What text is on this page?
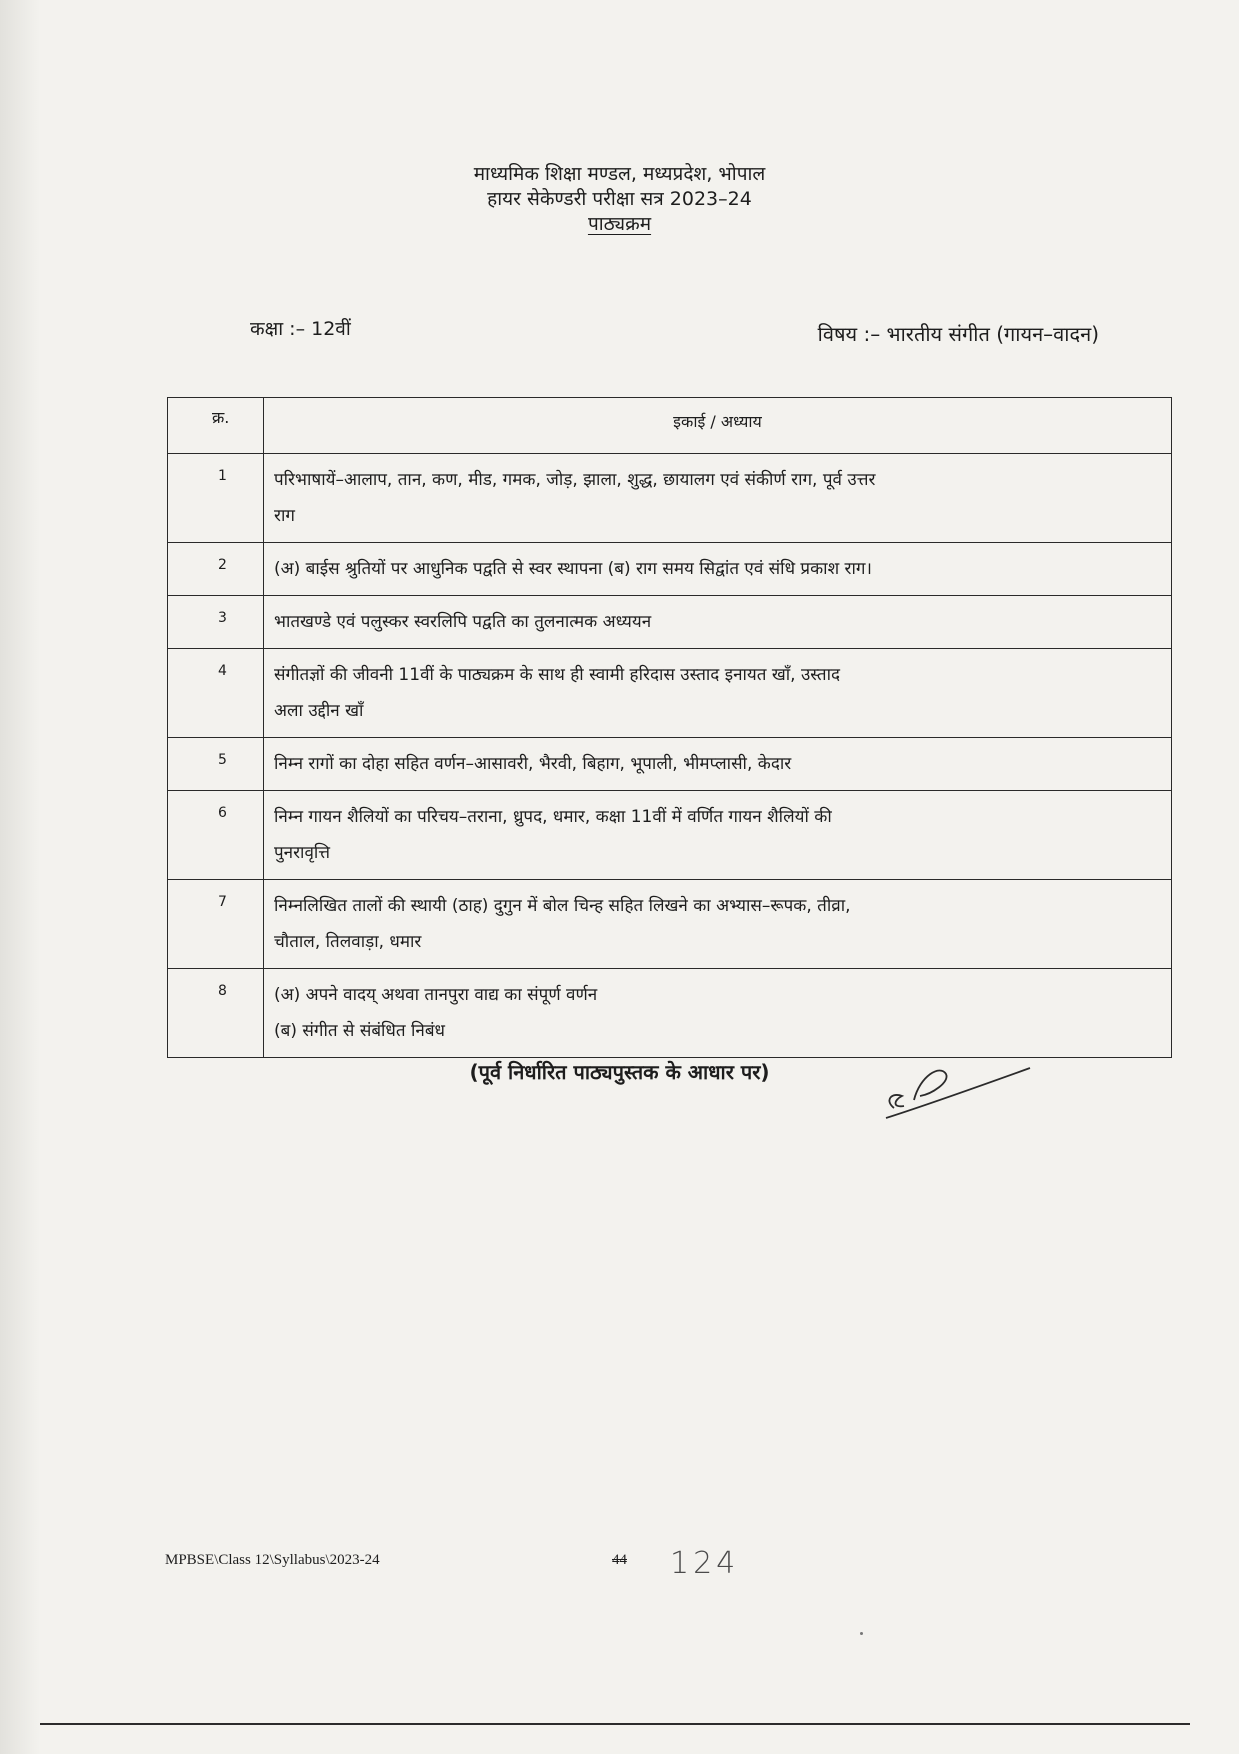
माध्यमिक शिक्षा मण्डल, मध्यप्रदेश, भोपाल
हायर सेकेण्डरी परीक्षा सत्र 2023–24
पाठ्यक्रम
कक्षा :– 12वीं	विषय :– भारतीय संगीत (गायन–वादन)
क्र.	इकाई / अध्याय
1	परिभाषायें–आलाप, तान, कण, मीड, गमक, जोड़, झाला, शुद्ध, छायालग एवं संकीर्ण राग, पूर्व उत्तर
राग

2	(अ) बाईस श्रुतियों पर आधुनिक पद्वति से स्वर स्थापना (ब) राग समय सिद्वांत एवं संधि प्रकाश राग।

3	भातखण्डे एवं पलुस्कर स्वरलिपि पद्वति का तुलनात्मक अध्ययन

4	संगीतज्ञों की जीवनी 11वीं के पाठ्यक्रम के साथ ही स्वामी हरिदास उस्ताद इनायत खाँ, उस्ताद
अला उद्दीन खाँ

5	निम्न रागों का दोहा सहित वर्णन–आसावरी, भैरवी, बिहाग, भूपाली, भीमप्लासी, केदार

6	निम्न गायन शैलियों का परिचय–तराना, ध्रुपद, धमार, कक्षा 11वीं में वर्णित गायन शैलियों की
पुनरावृत्ति

7	निम्नलिखित तालों की स्थायी (ठाह) दुगुन में बोल चिन्ह सहित लिखने का अभ्यास–रूपक, तीव्रा,
चौताल, तिलवाड़ा, धमार

8	(अ) अपने वादय् अथवा तानपुरा वाद्य का संपूर्ण वर्णन
(ब) संगीत से संबंधित निबंध
(पूर्व निर्धारित पाठ्यपुस्तक के आधार पर)
MPBSE\Class 12\Syllabus\2023-24	44 124
